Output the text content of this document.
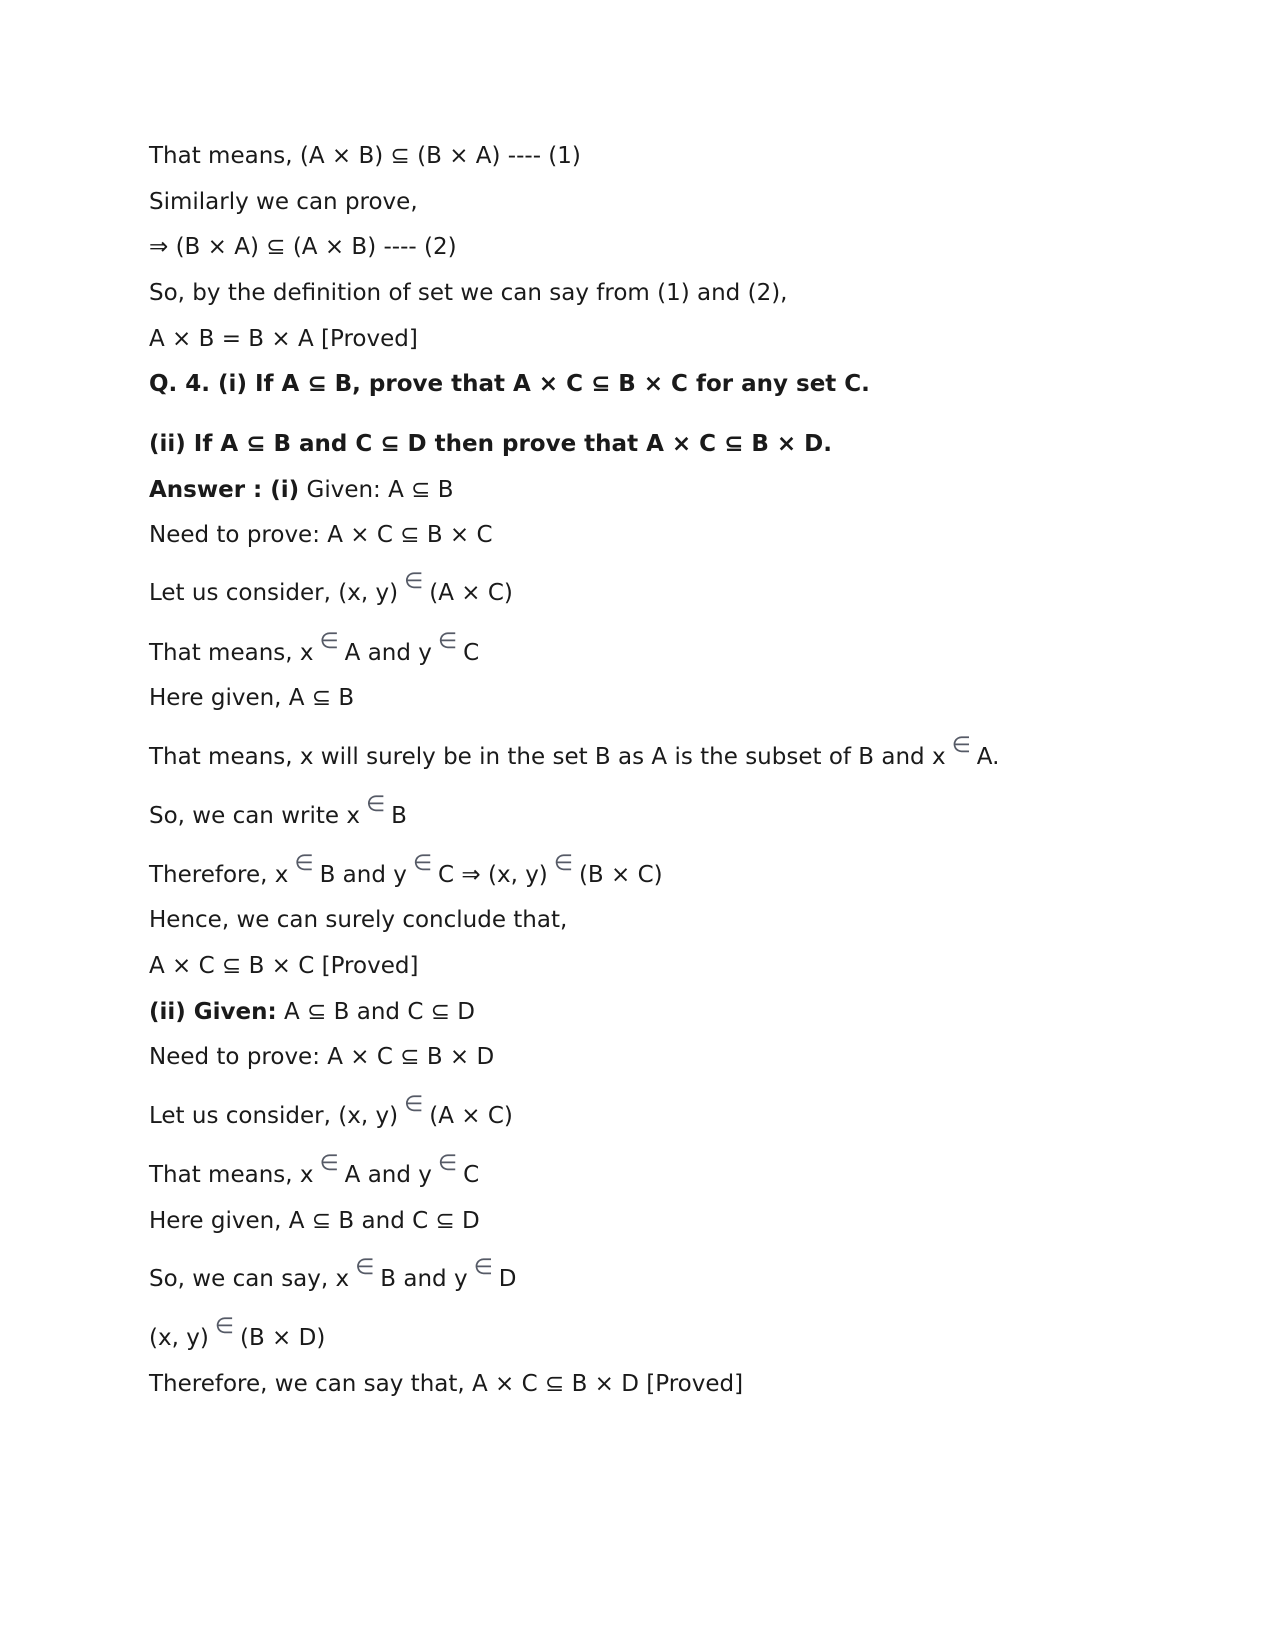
That means, (A × B) ⊆ (B × A) ---- (1)
Similarly we can prove,
⇒ (B × A) ⊆ (A × B) ---- (2)
So, by the definition of set we can say from (1) and (2),
A × B = B × A [Proved]
Q. 4. (i) If A ⊆ B, prove that A × C ⊆ B × C for any set C.
(ii) If A ⊆ B and C ⊆ D then prove that A × C ⊆ B × D.
Answer : (i) Given: A ⊆ B
Need to prove: A × C ⊆ B × C
Let us consider, (x, y) ∈ (A × C)
That means, x ∈ A and y ∈ C
Here given, A ⊆ B
That means, x will surely be in the set B as A is the subset of B and x ∈ A.
So, we can write x ∈ B
Therefore, x ∈ B and y ∈ C ⇒ (x, y) ∈ (B × C)
Hence, we can surely conclude that,
A × C ⊆ B × C [Proved]
(ii) Given: A ⊆ B and C ⊆ D
Need to prove: A × C ⊆ B × D
Let us consider, (x, y) ∈ (A × C)
That means, x ∈ A and y ∈ C
Here given, A ⊆ B and C ⊆ D
So, we can say, x ∈ B and y ∈ D
(x, y) ∈ (B × D)
Therefore, we can say that, A × C ⊆ B × D [Proved]
